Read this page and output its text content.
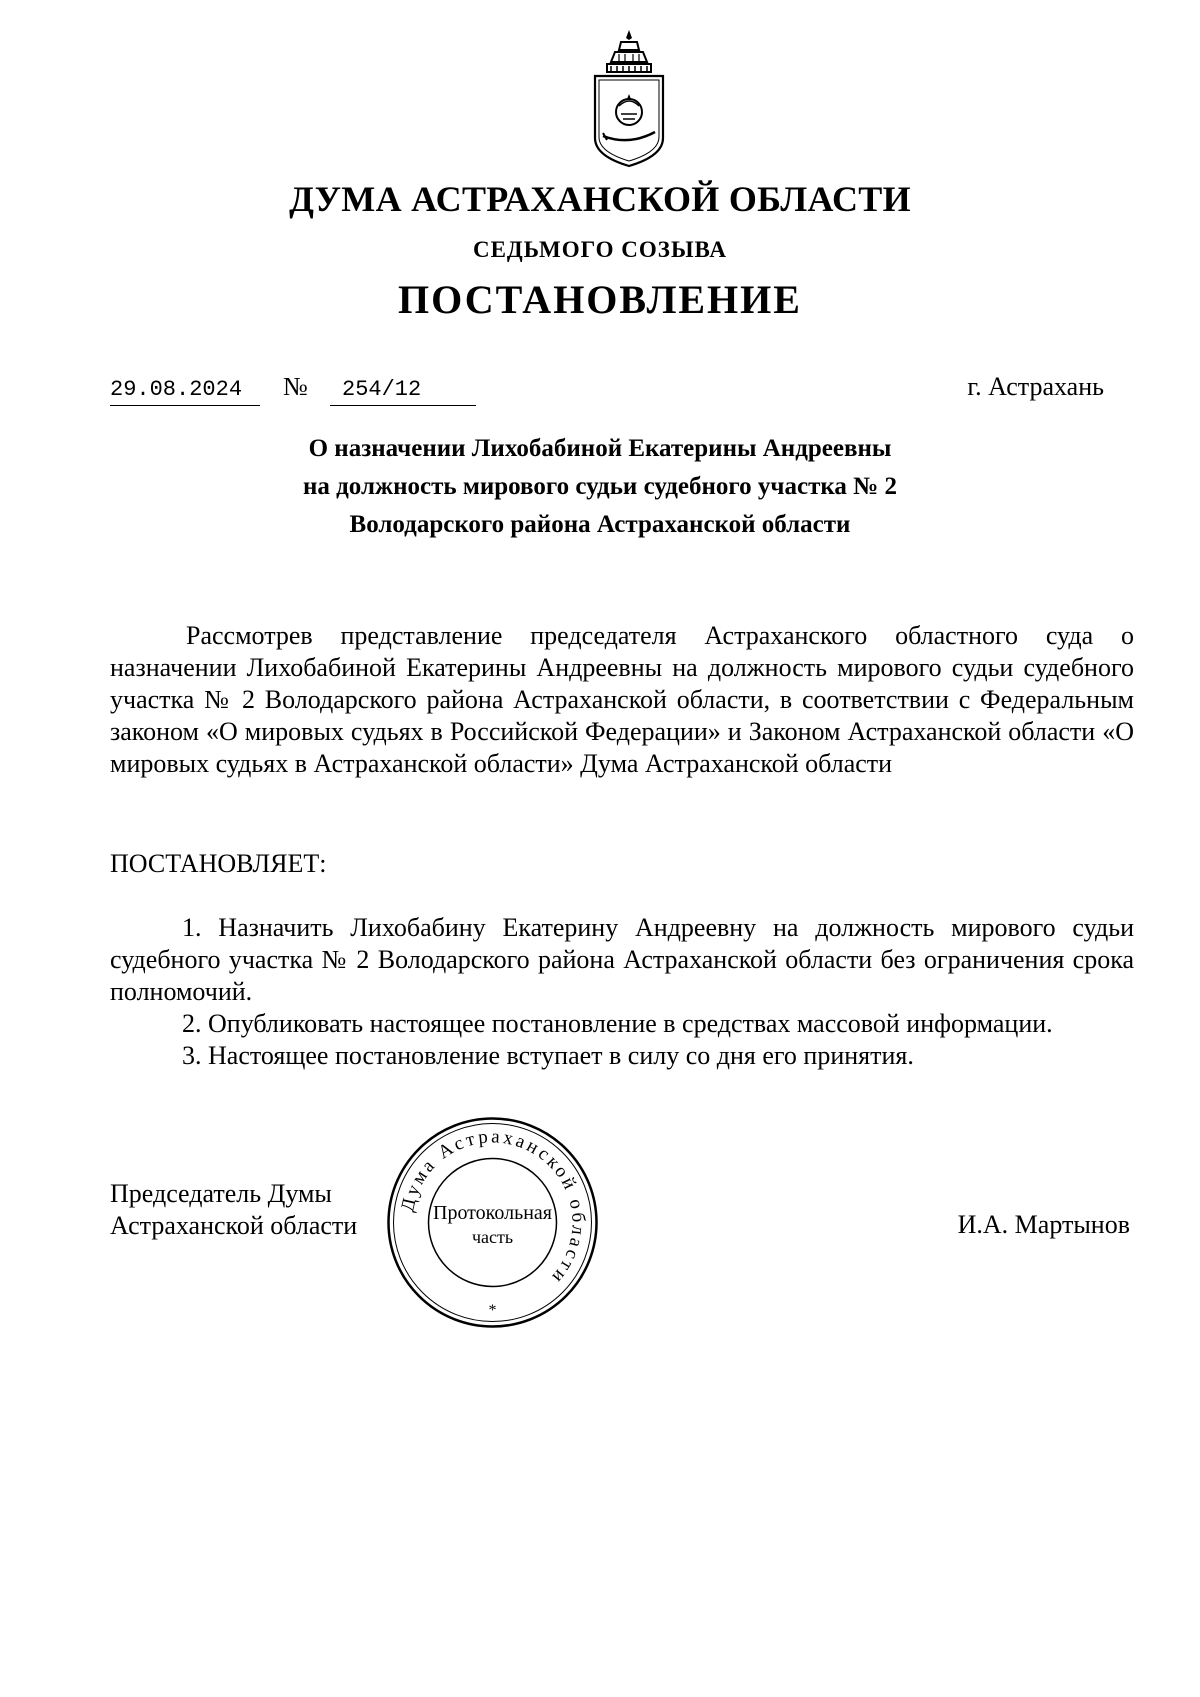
ДУМА АСТРАХАНСКОЙ ОБЛАСТИ
СЕДЬМОГО СОЗЫВА
ПОСТАНОВЛЕНИЕ
29.08.2024	№	254/12	г. Астрахань
О назначении Лихобабиной Екатерины Андреевны
на должность мирового судьи судебного участка № 2
Володарского района Астраханской области
Рассмотрев представление председателя Астраханского областного суда о назначении Лихобабиной Екатерины Андреевны на должность мирового судьи судебного участка № 2 Володарского района Астраханской области, в соответствии с Федеральным законом «О мировых судьях в Российской Федерации» и Законом Астраханской области «О мировых судьях в Астраханской области» Дума Астраханской области
ПОСТАНОВЛЯЕТ:

1. Назначить Лихобабину Екатерину Андреевну на должность мирового судьи судебного участка № 2 Володарского района Астраханской области без ограничения срока полномочий.

2. Опубликовать настоящее постановление в средствах массовой информации.

3. Настоящее постановление вступает в силу со дня его принятия.

Председатель Думы
Астраханской области
Дума Астраханской области
Протокольная
часть
*
И.А. Мартынов
